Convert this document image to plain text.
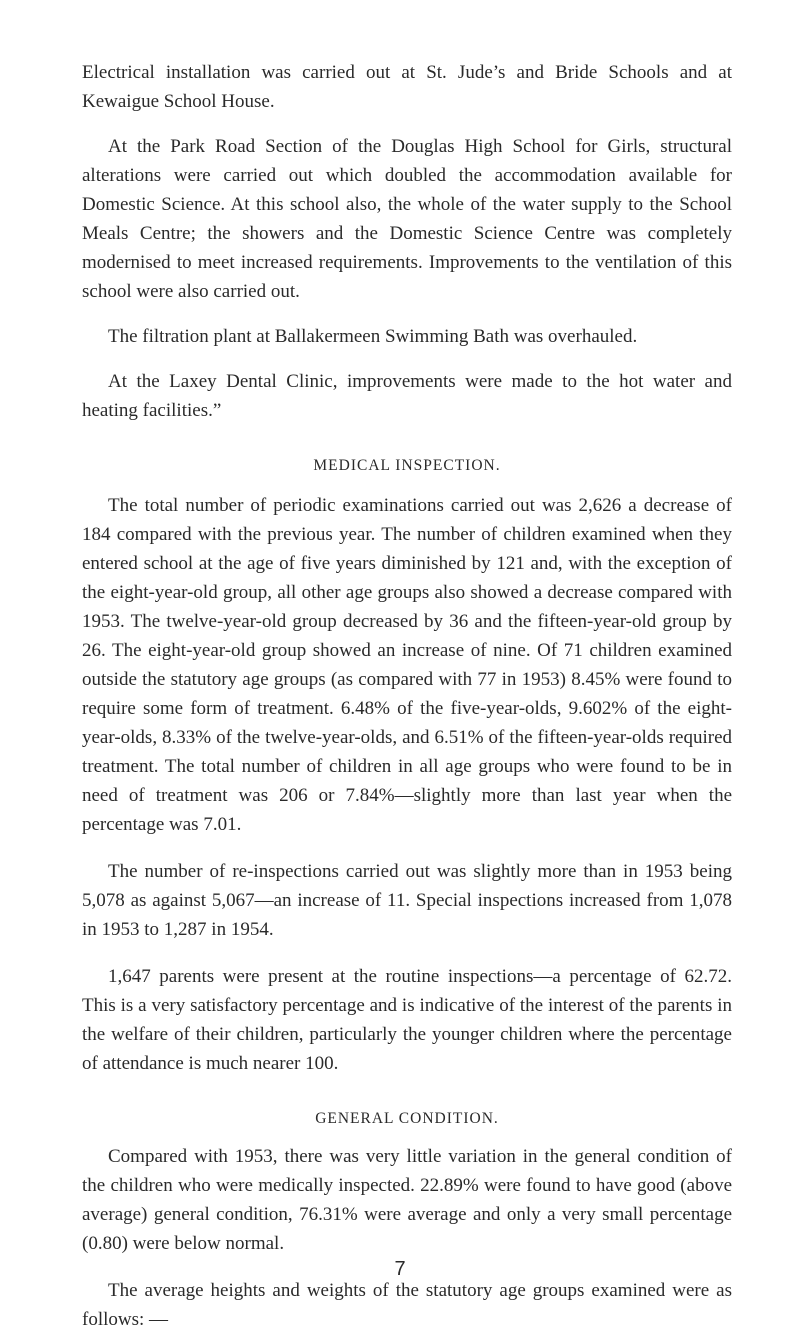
Electrical installation was carried out at St. Jude’s and Bride Schools and at Kewaigue School House.

At the Park Road Section of the Douglas High School for Girls, structural alterations were carried out which doubled the accommodation available for Domestic Science. At this school also, the whole of the water supply to the School Meals Centre; the showers and the Domestic Science Centre was completely modernised to meet increased requirements. Improvements to the ventilation of this school were also carried out.

The filtration plant at Ballakermeen Swimming Bath was overhauled.

At the Laxey Dental Clinic, improvements were made to the hot water and heating facilities.”

MEDICAL INSPECTION.

The total number of periodic examinations carried out was 2,626 a decrease of 184 compared with the previous year. The number of children examined when they entered school at the age of five years diminished by 121 and, with the exception of the eight-year-old group, all other age groups also showed a decrease compared with 1953. The twelve-year-old group decreased by 36 and the fifteen-year-old group by 26. The eight-year-old group showed an increase of nine. Of 71 children examined outside the statutory age groups (as compared with 77 in 1953) 8.45% were found to require some form of treatment. 6.48% of the five-year-olds, 9.602% of the eight-year-olds, 8.33% of the twelve-year-olds, and 6.51% of the fifteen-year-olds required treatment. The total number of children in all age groups who were found to be in need of treatment was 206 or 7.84%—slightly more than last year when the percentage was 7.01.

The number of re-inspections carried out was slightly more than in 1953 being 5,078 as against 5,067—an increase of 11. Special inspections increased from 1,078 in 1953 to 1,287 in 1954.

1,647 parents were present at the routine inspections—a percentage of 62.72. This is a very satisfactory percentage and is indicative of the interest of the parents in the welfare of their children, particularly the younger children where the percentage of attendance is much nearer 100.

GENERAL CONDITION.

Compared with 1953, there was very little variation in the general condition of the children who were medically inspected. 22.89% were found to have good (above average) general condition, 76.31% were average and only a very small percentage (0.80) were below normal.

The average heights and weights of the statutory age groups examined were as follows: —

7
